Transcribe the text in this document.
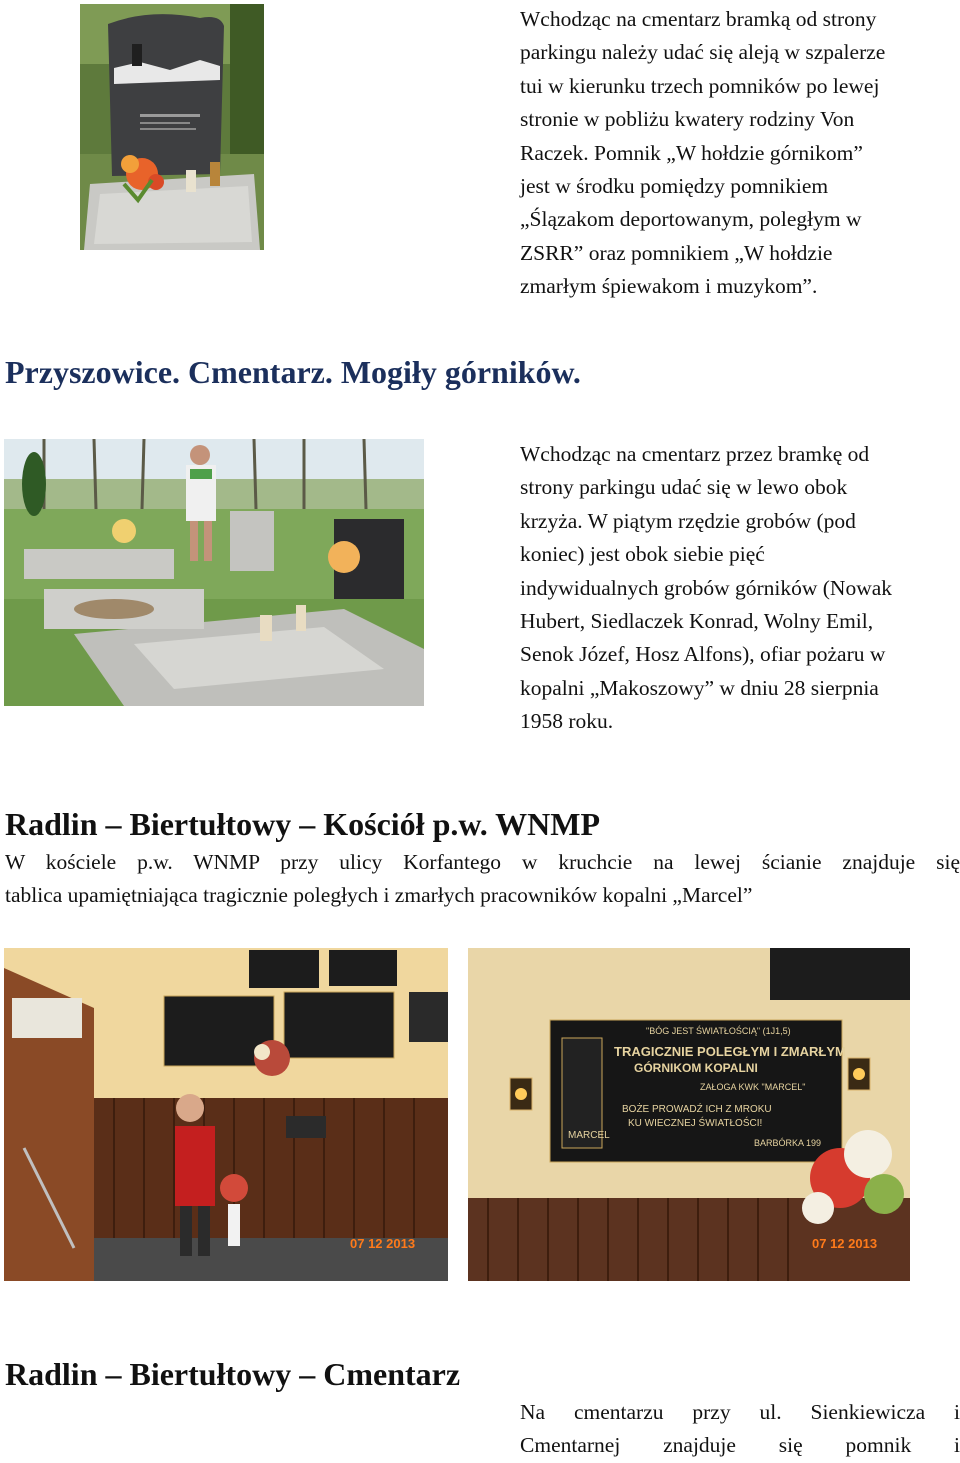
Wchodząc na cmentarz bramką od strony
parkingu należy udać się aleją w szpalerze
tui w kierunku trzech pomników po lewej
stronie w pobliżu kwatery rodziny Von
Raczek. Pomnik „W hołdzie górnikom”
jest w środku pomiędzy pomnikiem
„Ślązakom deportowanym, poległym w
ZSRR” oraz pomnikiem „W hołdzie
zmarłym śpiewakom i muzykom”.
Przyszowice. Cmentarz. Mogiły górników.
Wchodząc na cmentarz przez bramkę od
strony parkingu udać się w lewo obok
krzyża. W piątym rzędzie grobów (pod
koniec) jest obok siebie pięć
indywidualnych grobów górników (Nowak
Hubert, Siedlaczek Konrad, Wolny Emil,
Senok Józef, Hosz Alfons), ofiar pożaru w
kopalni „Makoszowy” w dniu 28 sierpnia
1958 roku.
Radlin – Biertułtowy – Kościół p.w. WNMP
W kościele p.w. WNMP przy ulicy Korfantego w kruchcie na lewej ścianie znajduje się
tablica upamiętniająca tragicznie poległych i zmarłych pracowników kopalni „Marcel”
07 12 2013
MARCEL
"BÓG JEST ŚWIATŁOŚCIĄ" (1J1,5)
TRAGICZNIE POLEGŁYM I ZMARŁYM
GÓRNIKOM KOPALNI
ZAŁOGA KWK "MARCEL"
BOŻE PROWADŹ ICH Z MROKU
KU WIECZNEJ ŚWIATŁOŚCI!
BARBÓRKA 199
07 12 2013
Radlin – Biertułtowy – Cmentarz
Na cmentarzu przy ul. Sienkiewicza i
Cmentarnej znajduje się pomnik i
